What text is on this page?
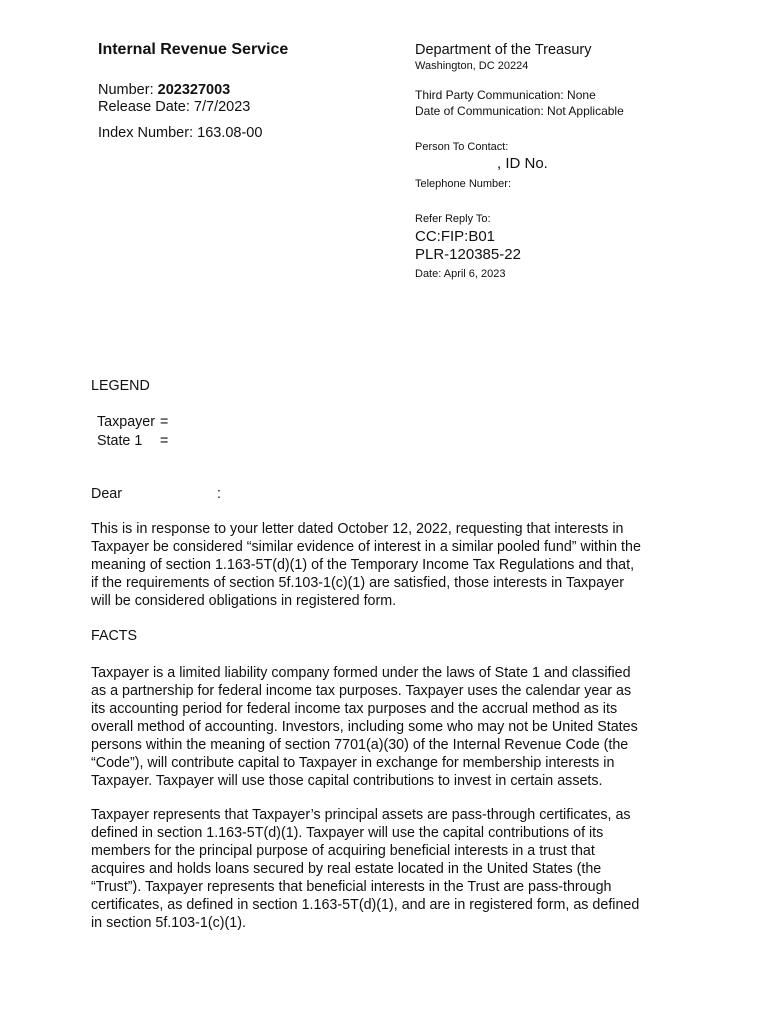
Internal Revenue Service
Number: 202327003
Release Date: 7/7/2023
Index Number: 163.08-00
Department of the Treasury
Washington, DC 20224
Third Party Communication: None
Date of Communication: Not Applicable
Person To Contact:
, ID No.
Telephone Number:
Refer Reply To:
CC:FIP:B01
PLR-120385-22
Date: April 6, 2023
LEGEND
Taxpayer =
State 1 =
Dear	:
This is in response to your letter dated October 12, 2022, requesting that interests in
Taxpayer be considered “similar evidence of interest in a similar pooled fund” within the
meaning of section 1.163-5T(d)(1) of the Temporary Income Tax Regulations and that,
if the requirements of section 5f.103-1(c)(1) are satisfied, those interests in Taxpayer
will be considered obligations in registered form.
FACTS
Taxpayer is a limited liability company formed under the laws of State 1 and classified
as a partnership for federal income tax purposes. Taxpayer uses the calendar year as
its accounting period for federal income tax purposes and the accrual method as its
overall method of accounting. Investors, including some who may not be United States
persons within the meaning of section 7701(a)(30) of the Internal Revenue Code (the
“Code”), will contribute capital to Taxpayer in exchange for membership interests in
Taxpayer. Taxpayer will use those capital contributions to invest in certain assets.
Taxpayer represents that Taxpayer’s principal assets are pass-through certificates, as
defined in section 1.163-5T(d)(1). Taxpayer will use the capital contributions of its
members for the principal purpose of acquiring beneficial interests in a trust that
acquires and holds loans secured by real estate located in the United States (the
“Trust”). Taxpayer represents that beneficial interests in the Trust are pass-through
certificates, as defined in section 1.163-5T(d)(1), and are in registered form, as defined
in section 5f.103-1(c)(1).
